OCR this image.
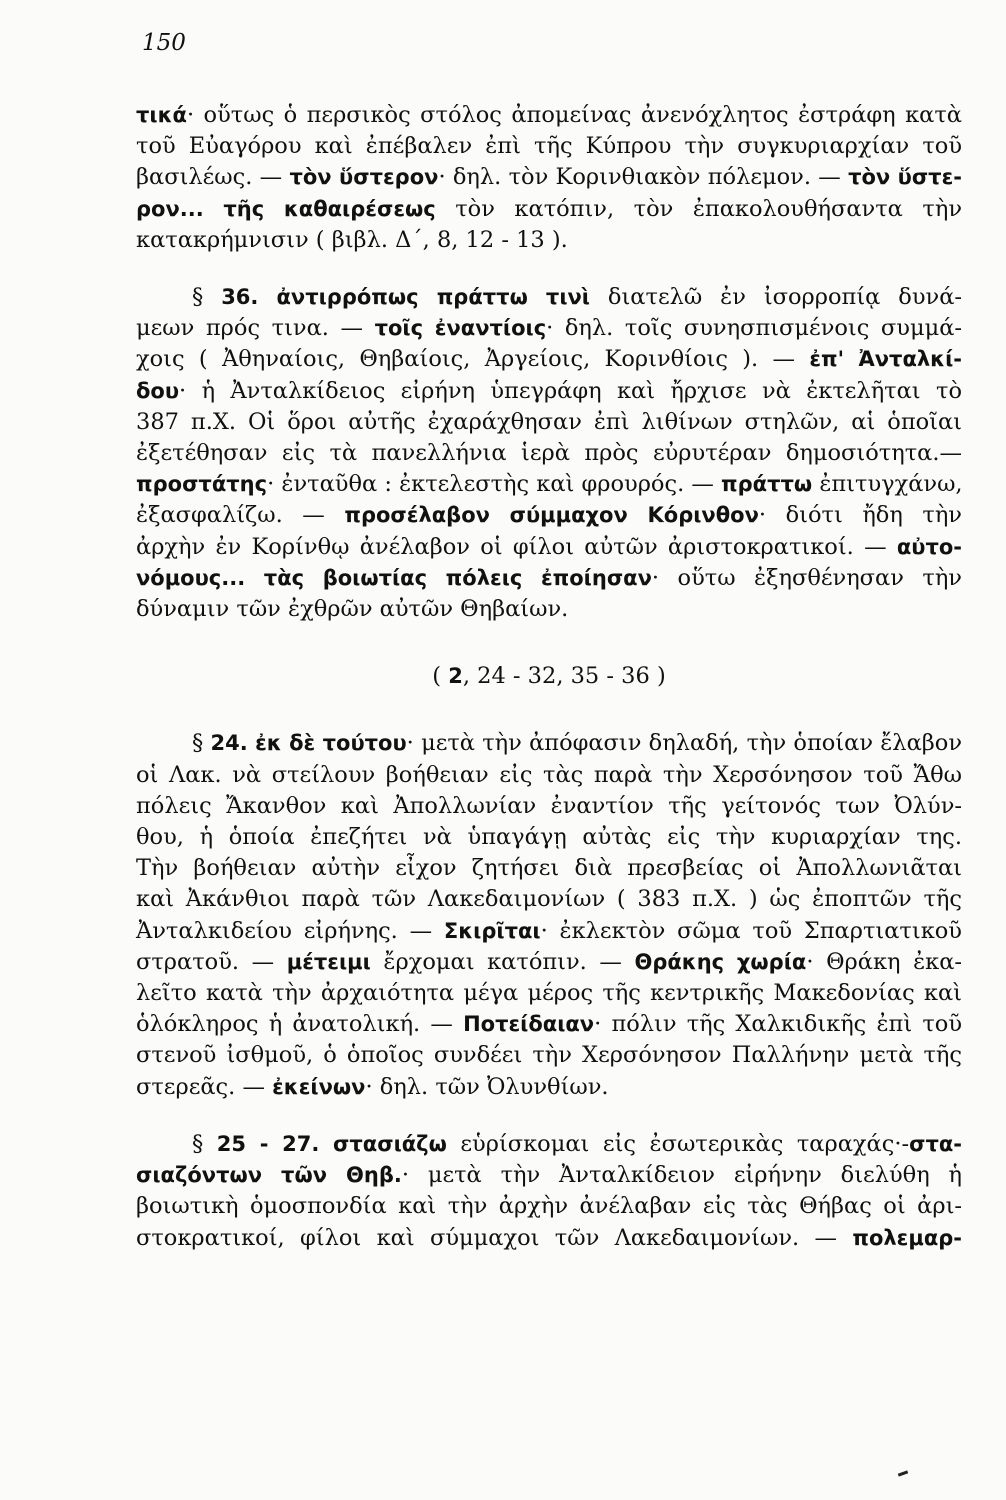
150
τικά· οὕτως ὁ περσικὸς στόλος ἀπομείνας ἀνενόχλητος ἐστράφη κατὰ
τοῦ Εὐαγόρου καὶ ἐπέβαλεν ἐπὶ τῆς Κύπρου τὴν συγκυριαρχίαν τοῦ
βασιλέως. — τὸν ὕστερον· δηλ. τὸν Κορινθιακὸν πόλεμον. — τὸν ὕστε-
ρον... τῆς καθαιρέσεως τὸν κατόπιν, τὸν ἐπακολουθήσαντα τὴν
κατακρήμνισιν ( βιβλ. Δ΄, 8, 12 - 13 ).
§ 36. ἀντιρρόπως πράττω τινὶ διατελῶ ἐν ἰσορροπίᾳ δυνά-
μεων πρός τινα. — τοῖς ἐναντίοις· δηλ. τοῖς συνησπισμένοις συμμά-
χοις ( Ἀθηναίοις, Θηβαίοις, Ἀργείοις, Κορινθίοις ). — ἐπ' Ἀνταλκί-
δου· ἡ Ἀνταλκίδειος εἰρήνη ὑπεγράφη καὶ ἤρχισε νὰ ἐκτελῆται τὸ
387 π.Χ. Οἱ ὅροι αὐτῆς ἐχαράχθησαν ἐπὶ λιθίνων στηλῶν, αἱ ὁποῖαι
ἐξετέθησαν εἰς τὰ πανελλήνια ἱερὰ πρὸς εὐρυτέραν δημοσιότητα.—
προστάτης· ἐνταῦθα : ἐκτελεστὴς καὶ φρουρός. — πράττω ἐπιτυγχάνω,
ἐξασφαλίζω. — προσέλαβον σύμμαχον Κόρινθον· διότι ἤδη τὴν
ἀρχὴν ἐν Κορίνθῳ ἀνέλαβον οἱ φίλοι αὐτῶν ἀριστοκρατικοί. — αὐτο-
νόμους... τὰς βοιωτίας πόλεις ἐποίησαν· οὕτω ἐξησθένησαν τὴν
δύναμιν τῶν ἐχθρῶν αὐτῶν Θηβαίων.
( 2, 24 - 32, 35 - 36 )
§ 24. ἐκ δὲ τούτου· μετὰ τὴν ἀπόφασιν δηλαδή, τὴν ὁποίαν ἔλαβον
οἱ Λακ. νὰ στείλουν βοήθειαν εἰς τὰς παρὰ τὴν Χερσόνησον τοῦ Ἄθω
πόλεις Ἄκανθον καὶ Ἀπολλωνίαν ἐναντίον τῆς γείτονός των Ὀλύν-
θου, ἡ ὁποία ἐπεζήτει νὰ ὑπαγάγῃ αὐτὰς εἰς τὴν κυριαρχίαν της.
Τὴν βοήθειαν αὐτὴν εἶχον ζητήσει διὰ πρεσβείας οἱ Ἀπολλωνιᾶται
καὶ Ἀκάνθιοι παρὰ τῶν Λακεδαιμονίων ( 383 π.Χ. ) ὡς ἐποπτῶν τῆς
Ἀνταλκιδείου εἰρήνης. — Σκιρῖται· ἐκλεκτὸν σῶμα τοῦ Σπαρτιατικοῦ
στρατοῦ. — μέτειμι ἔρχομαι κατόπιν. — Θράκης χωρία· Θράκη ἐκα-
λεῖτο κατὰ τὴν ἀρχαιότητα μέγα μέρος τῆς κεντρικῆς Μακεδονίας καὶ
ὁλόκληρος ἡ ἀνατολική. — Ποτείδαιαν· πόλιν τῆς Χαλκιδικῆς ἐπὶ τοῦ
στενοῦ ἰσθμοῦ, ὁ ὁποῖος συνδέει τὴν Χερσόνησον Παλλήνην μετὰ τῆς
στερεᾶς. — ἐκείνων· δηλ. τῶν Ὀλυνθίων.
§ 25 - 27. στασιάζω εὑρίσκομαι εἰς ἐσωτερικὰς ταραχάς·-στα-
σιαζόντων τῶν Θηβ.· μετὰ τὴν Ἀνταλκίδειον εἰρήνην διελύθη ἡ
βοιωτικὴ ὁμοσπονδία καὶ τὴν ἀρχὴν ἀνέλαβαν εἰς τὰς Θήβας οἱ ἀρι-
στοκρατικοί, φίλοι καὶ σύμμαχοι τῶν Λακεδαιμονίων. — πολεμαρ-
